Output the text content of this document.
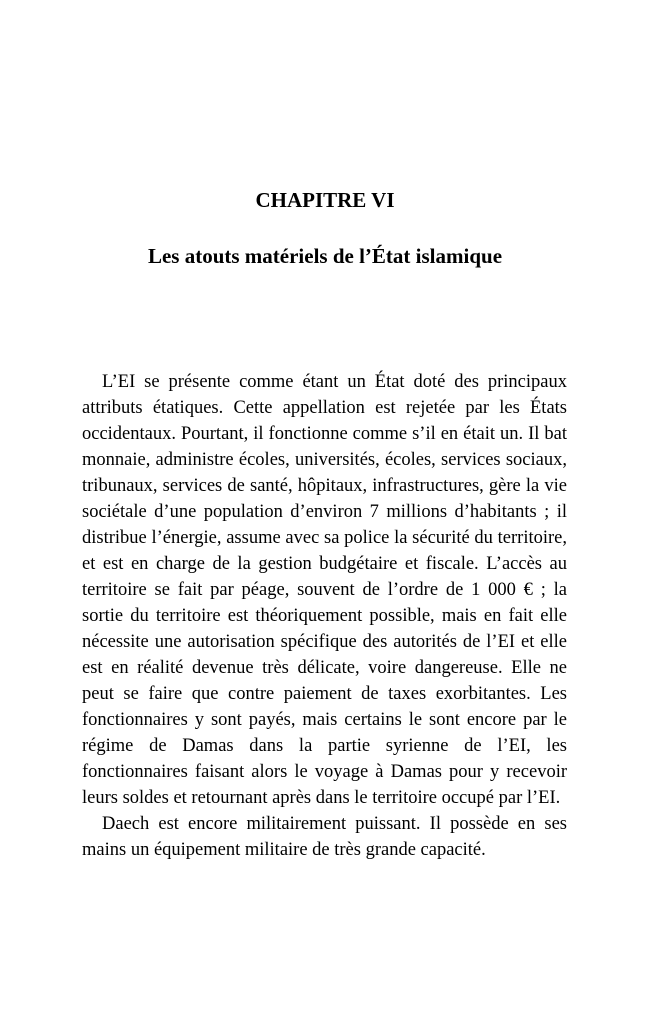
CHAPITRE VI
Les atouts matériels de l’État islamique

L’EI se présente comme étant un État doté des principaux attributs étatiques. Cette appellation est rejetée par les États occidentaux. Pourtant, il fonctionne comme s’il en était un. Il bat monnaie, administre écoles, universités, écoles, services sociaux, tribunaux, services de santé, hôpitaux, infrastructures, gère la vie sociétale d’une population d’environ 7 millions d’habitants ; il distribue l’énergie, assume avec sa police la sécurité du territoire, et est en charge de la gestion budgétaire et fiscale. L’accès au territoire se fait par péage, souvent de l’ordre de 1 000 € ; la sortie du territoire est théoriquement possible, mais en fait elle nécessite une autorisation spécifique des autorités de l’EI et elle est en réalité devenue très délicate, voire dangereuse. Elle ne peut se faire que contre paiement de taxes exorbitantes. Les fonctionnaires y sont payés, mais certains le sont encore par le régime de Damas dans la partie syrienne de l’EI, les fonctionnaires faisant alors le voyage à Damas pour y recevoir leurs soldes et retournant après dans le territoire occupé par l’EI.

Daech est encore militairement puissant. Il possède en ses mains un équipement militaire de très grande capacité.
